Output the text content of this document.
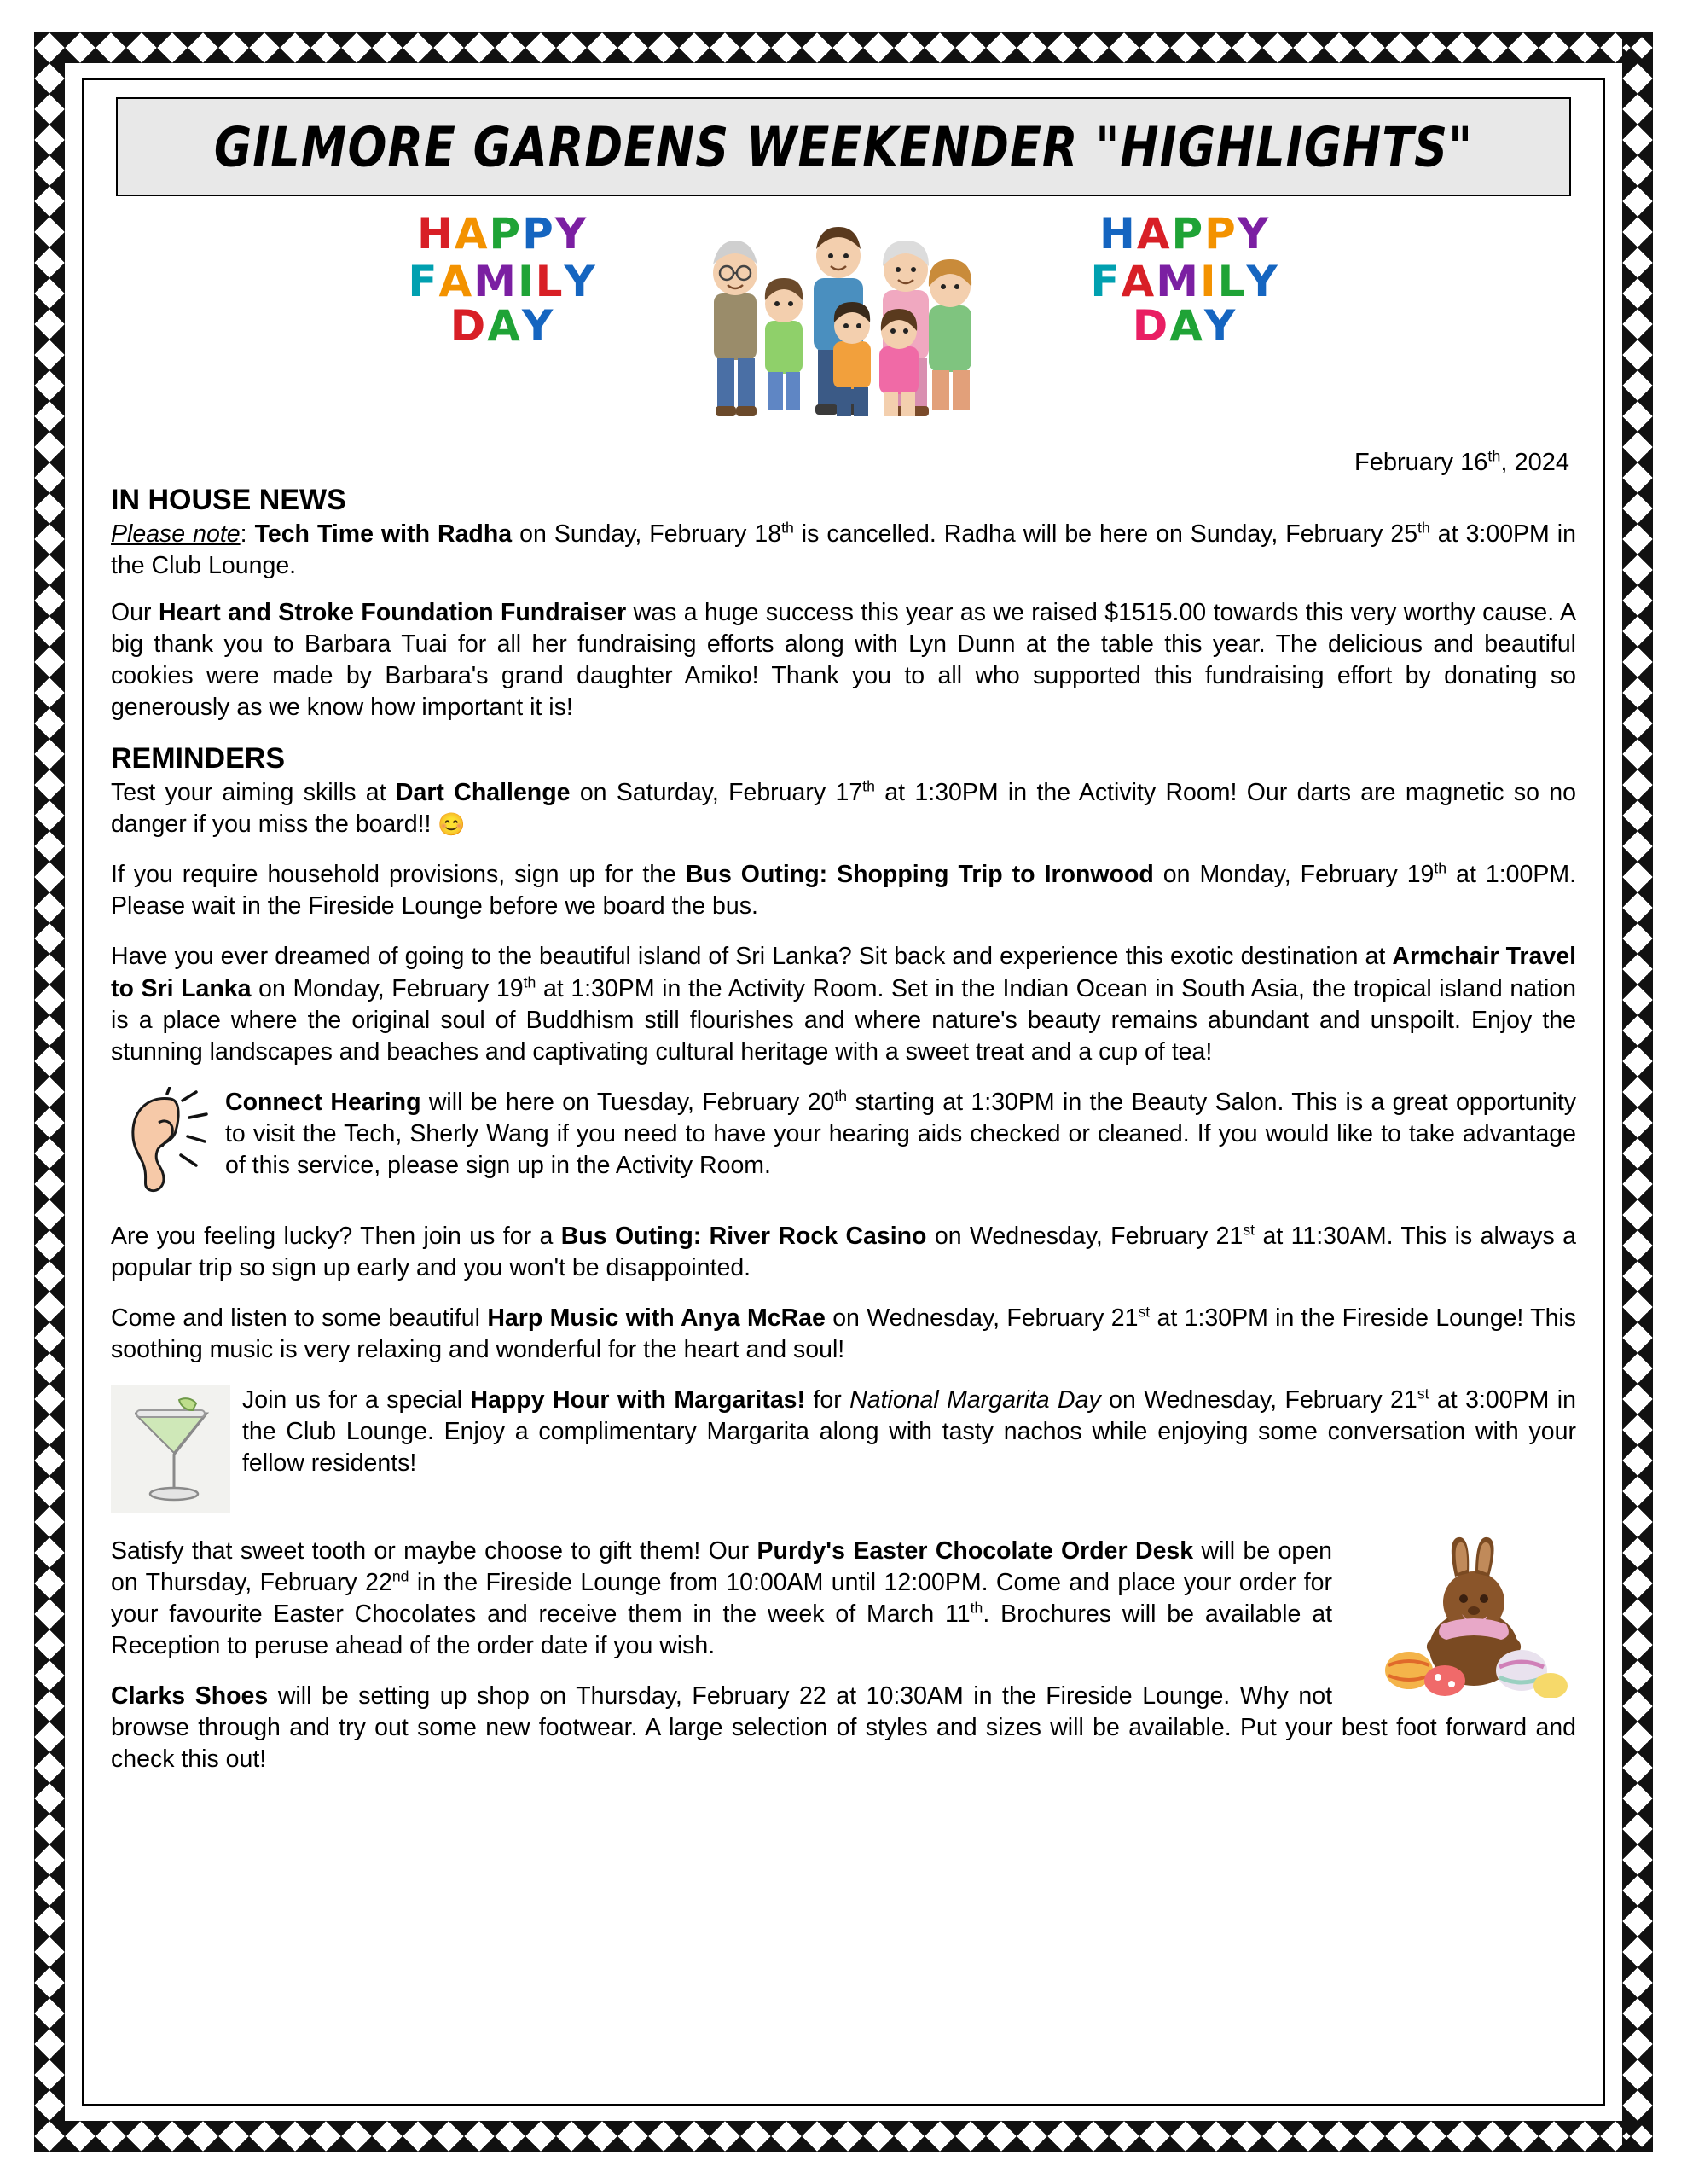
GILMORE GARDENS WEEKENDER "HIGHLIGHTS"
HAPPY
FAMILY
DAY
HAPPY
FAMILY
DAY
February 16th, 2024
IN HOUSE NEWS

Please note: Tech Time with Radha on Sunday, February 18th is cancelled. Radha will be here on Sunday, February 25th at 3:00PM in the Club Lounge.

Our Heart and Stroke Foundation Fundraiser was a huge success this year as we raised $1515.00 towards this very worthy cause. A big thank you to Barbara Tuai for all her fundraising efforts along with Lyn Dunn at the table this year. The delicious and beautiful cookies were made by Barbara's grand daughter Amiko! Thank you to all who supported this fundraising effort by donating so generously as we know how important it is!

REMINDERS

Test your aiming skills at Dart Challenge on Saturday, February 17th at 1:30PM in the Activity Room! Our darts are magnetic so no danger if you miss the board!! 😊

If you require household provisions, sign up for the Bus Outing: Shopping Trip to Ironwood on Monday, February 19th at 1:00PM. Please wait in the Fireside Lounge before we board the bus.

Have you ever dreamed of going to the beautiful island of Sri Lanka? Sit back and experience this exotic destination at Armchair Travel to Sri Lanka on Monday, February 19th at 1:30PM in the Activity Room. Set in the Indian Ocean in South Asia, the tropical island nation is a place where the original soul of Buddhism still flourishes and where nature's beauty remains abundant and unspoilt. Enjoy the stunning landscapes and beaches and captivating cultural heritage with a sweet treat and a cup of tea!

Connect Hearing will be here on Tuesday, February 20th starting at 1:30PM in the Beauty Salon. This is a great opportunity to visit the Tech, Sherly Wang if you need to have your hearing aids checked or cleaned. If you would like to take advantage of this service, please sign up in the Activity Room.

Are you feeling lucky? Then join us for a Bus Outing: River Rock Casino on Wednesday, February 21st at 11:30AM. This is always a popular trip so sign up early and you won't be disappointed.

Come and listen to some beautiful Harp Music with Anya McRae on Wednesday, February 21st at 1:30PM in the Fireside Lounge! This soothing music is very relaxing and wonderful for the heart and soul!

Join us for a special Happy Hour with Margaritas! for National Margarita Day on Wednesday, February 21st at 3:00PM in the Club Lounge. Enjoy a complimentary Margarita along with tasty nachos while enjoying some conversation with your fellow residents!

Satisfy that sweet tooth or maybe choose to gift them! Our Purdy's Easter Chocolate Order Desk will be open on Thursday, February 22nd in the Fireside Lounge from 10:00AM until 12:00PM. Come and place your order for your favourite Easter Chocolates and receive them in the week of March 11th. Brochures will be available at Reception to peruse ahead of the order date if you wish.

Clarks Shoes will be setting up shop on Thursday, February 22 at 10:30AM in the Fireside Lounge. Why not browse through and try out some new footwear. A large selection of styles and sizes will be available. Put your best foot forward and check this out!
